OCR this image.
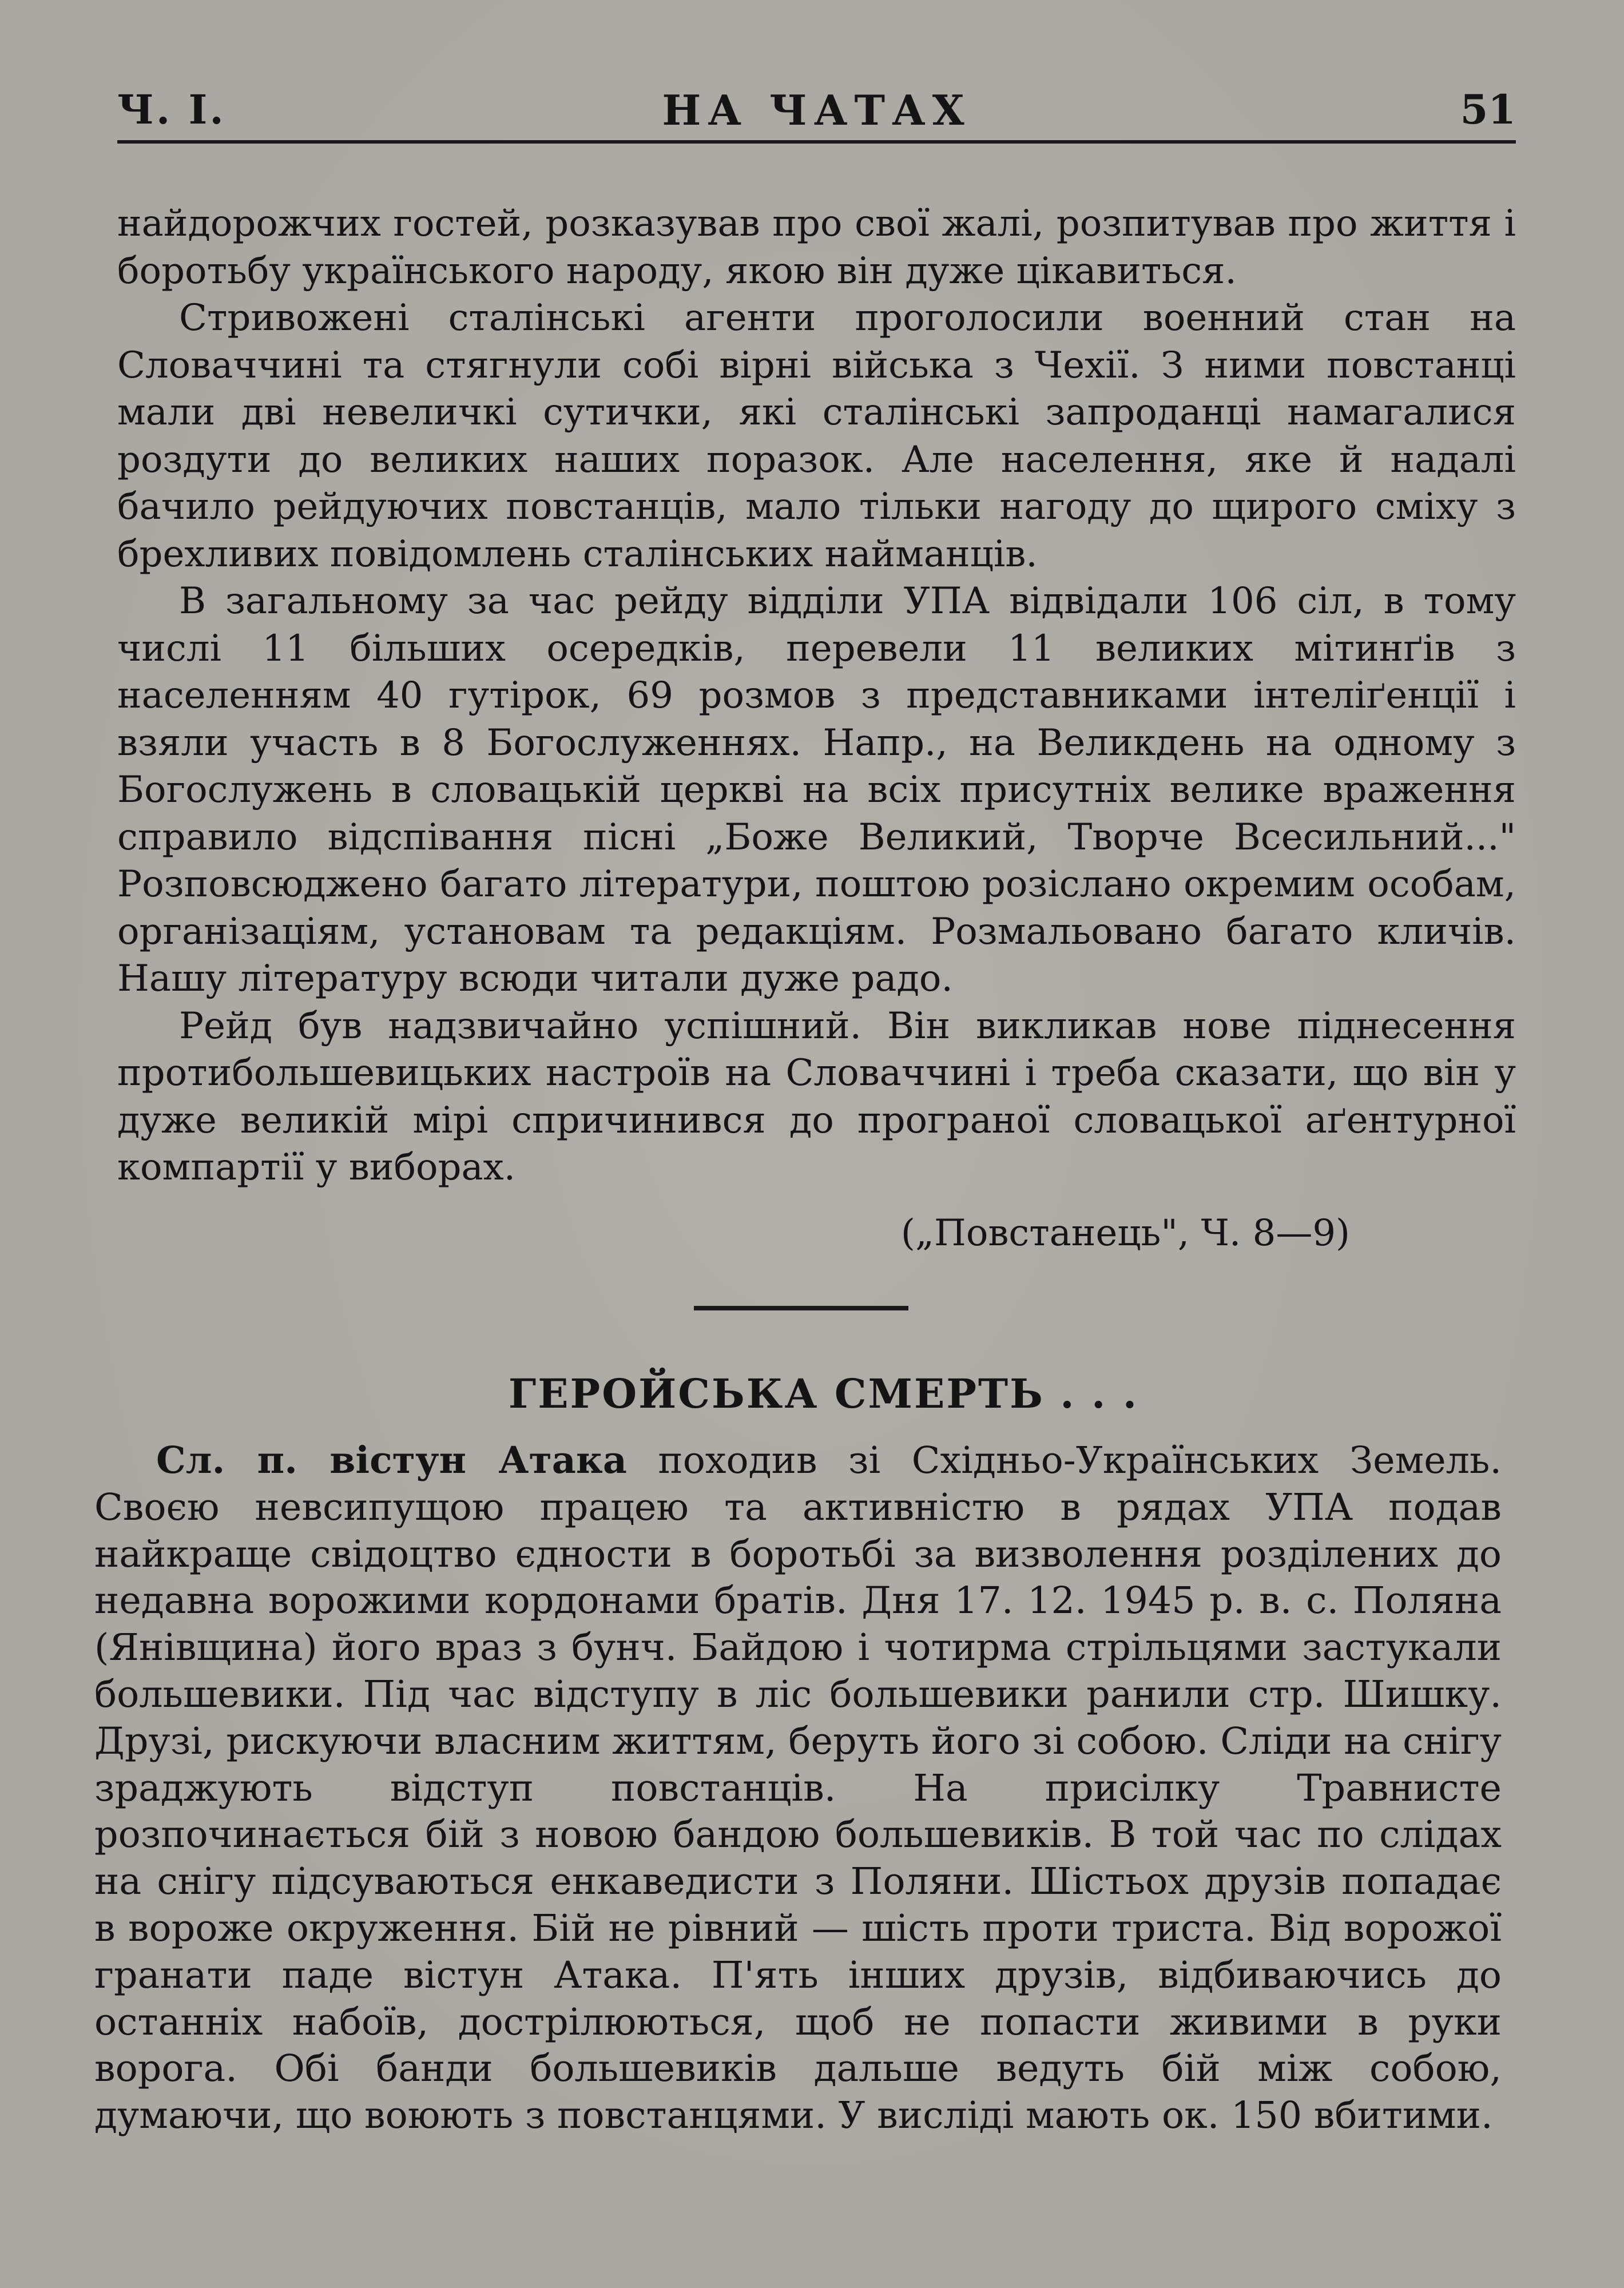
Ч. І.	НА ЧАТАХ	51

найдорожчих гостей, розказував про свої жалі, розпитував про життя і боротьбу українського народу, якою він дуже цікавиться.

Стривожені сталінські агенти проголосили военний стан на Словаччині та стягнули собі вірні війська з Чехії. З ними повстанці мали дві невеличкі сутички, які сталінські запроданці намагалися роздути до великих наших поразок. Але населення, яке й надалі бачило рейдуючих повстанців, мало тільки нагоду до щирого сміху з брехливих повідомлень сталінських найманців.

В загальному за час рейду відділи УПА відвідали 106 сіл, в тому числі 11 більших осередків, перевели 11 великих мітинґів з населенням 40 гутірок, 69 розмов з представниками інтеліґенції і взяли участь в 8 Богослуженнях. Напр., на Великдень на одному з Богослужень в словацькій церкві на всіх присутніх велике враження справило відспівання пісні „Боже Великий, Творче Всесильний..." Розповсюджено багато літератури, поштою розіслано окремим особам, організаціям, установам та редакціям. Розмальовано багато кличів. Нашу літературу всюди читали дуже радо.

Рейд був надзвичайно успішний. Він викликав нове піднесення протибольшевицьких настроїв на Словаччині і треба сказати, що він у дуже великій мірі спричинився до програної словацької аґентурної компартії у виборах.

(„Повстанець", Ч. 8—9)
ГЕРОЙСЬКА СМЕРТЬ . . .

Сл. п. вістун Атака походив зі Східньо-Українських Земель. Своєю невсипущою працею та активністю в рядах УПА подав найкраще свідоцтво єдности в боротьбі за визволення розділених до недавна ворожими кордонами братів. Дня 17. 12. 1945 р. в. с. Поляна (Янівщина) його враз з бунч. Байдою і чотирма стрільцями застукали большевики. Під час відступу в ліс большевики ранили стр. Шишку. Друзі, рискуючи власним життям, беруть його зі собою. Сліди на снігу зраджують відступ повстанців. На присілку Травнисте розпочинається бій з новою бандою большевиків. В той час по слідах на снігу підсуваються енкаведисти з Поляни. Шістьох друзів попадає в вороже окруження. Бій не рівний — шість проти триста. Від ворожої гранати паде вістун Атака. П'ять інших друзів, відбиваючись до останніх набоїв, дострілюються, щоб не попасти живими в руки ворога. Обі банди большевиків дальше ведуть бій між собою, думаючи, що воюють з повстанцями. У висліді мають ок. 150 вбитими.
